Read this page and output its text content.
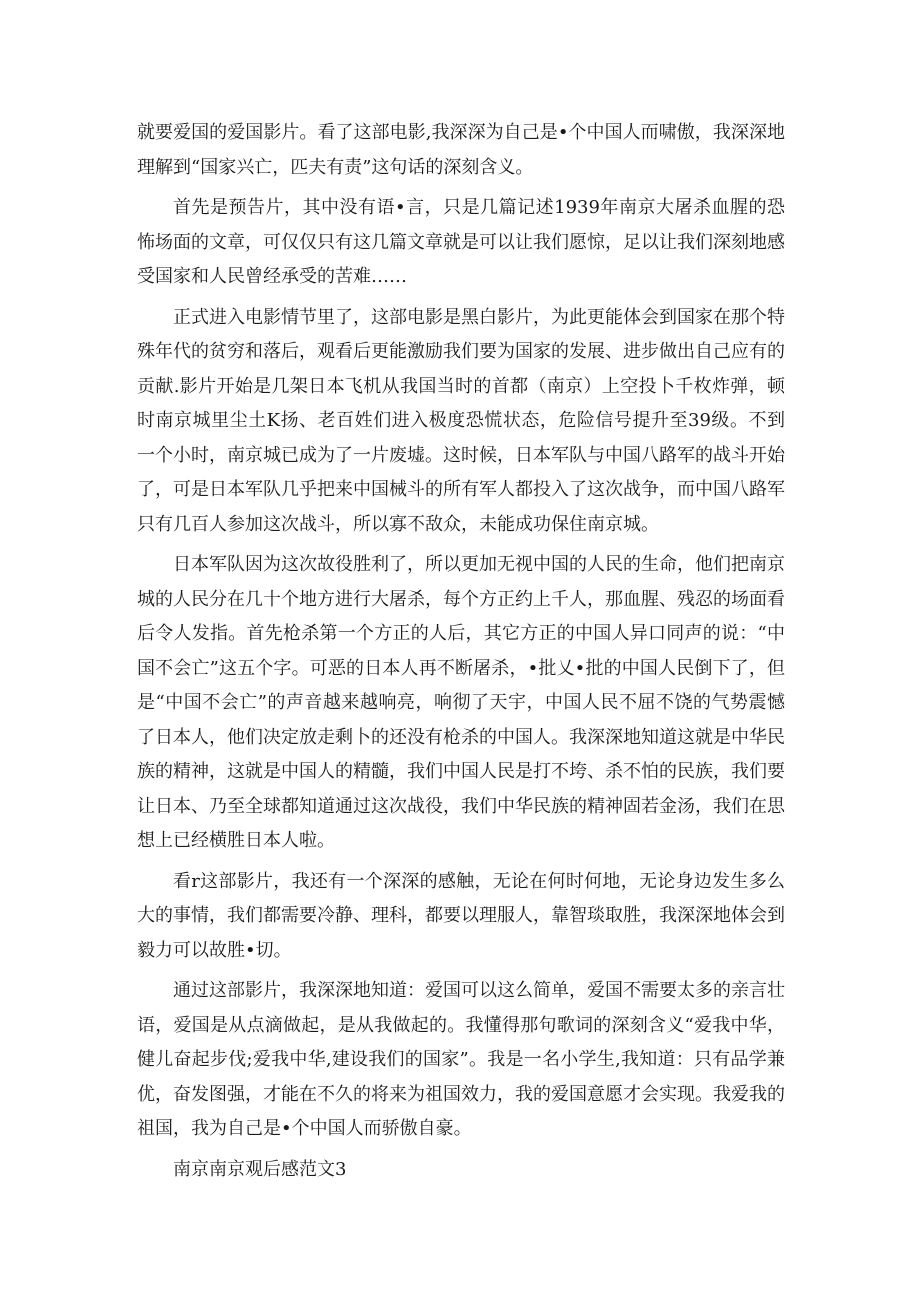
就要爱国的爱国影片。看了这部电影,我深深为自己是•个中国人而啸傲，我深深地理解到“国家兴亡，匹夫有责”这句话的深刻含义。

首先是预告片，其中没有语•言，只是几篇记述1939年南京大屠杀血腥的恐怖场面的文章，可仅仅只有这几篇文章就是可以让我们愿惊，足以让我们深刻地感受国家和人民曾经承受的苦难……

正式进入电影情节里了，这部电影是黑白影片，为此更能体会到国家在那个特殊年代的贫穷和落后，观看后更能激励我们要为国家的发展、进步做出自己应有的贡献.影片开始是几架日本飞机从我国当时的首都（南京）上空投卜千枚炸弹，顿时南京城里尘土K扬、老百姓们进入极度恐慌状态，危险信号提升至39级。不到一个小时，南京城已成为了一片废墟。这时候，日本军队与中国八路军的战斗开始了，可是日本军队几乎把来中国械斗的所有军人都投入了这次战争，而中国八路军只有几百人参加这次战斗，所以寡不敌众，未能成功保住南京城。

日本军队因为这次故役胜利了，所以更加无视中国的人民的生命，他们把南京城的人民分在几十个地方进行大屠杀，每个方正约上千人，那血腥、残忍的场面看后令人发指。首先枪杀第一个方正的人后，其它方正的中国人异口同声的说：“中国不会亡”这五个字。可恶的日本人再不断屠杀，•批乂•批的中国人民倒下了，但是“中国不会亡”的声音越来越响亮，响彻了天宇，中国人民不屈不饶的气势震憾了日本人，他们决定放走剩卜的还没有枪杀的中国人。我深深地知道这就是中华民族的精神，这就是中国人的精髓，我们中国人民是打不垮、杀不怕的民族，我们要让日本、乃至全球都知道通过这次战役，我们中华民族的精神固若金汤，我们在思想上已经横胜日本人啦。

看r这部影片，我还有一个深深的感触，无论在何时何地，无论身边发生多么大的事情，我们都需要冷静、理科，都要以理服人，靠智琰取胜，我深深地体会到毅力可以故胜•切。

通过这部影片，我深深地知道：爱国可以这么简单，爱国不需要太多的亲言壮语，爱国是从点滴做起，是从我做起的。我懂得那句歌词的深刻含义“爱我中华，健儿奋起步伐;爱我中华,建设我们的国家”。我是一名小学生,我知道：只有品学兼优，奋发图强，才能在不久的将来为祖国效力，我的爱国意愿才会实现。我爱我的祖国，我为自己是•个中国人而骄傲自豪。

南京南京观后感范文3
